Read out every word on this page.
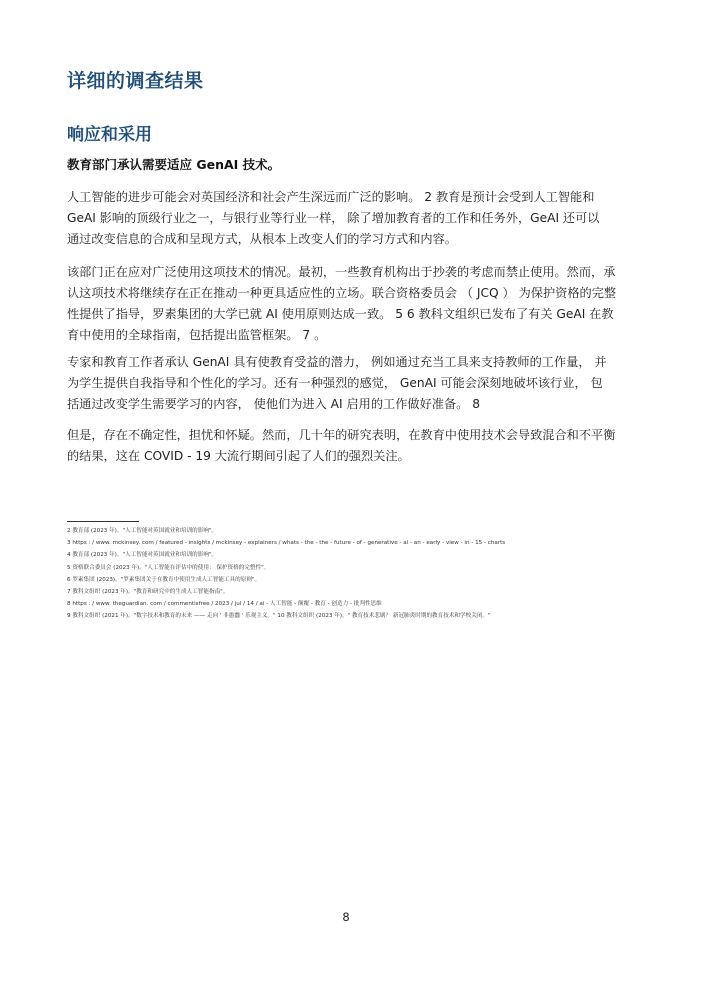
详细的调查结果
响应和采用
教育部门承认需要适应 GenAI 技术。
人工智能的进步可能会对英国经济和社会产生深远而广泛的影响。 2 教育是预计会受到人工智能和
GeAI 影响的顶级行业之一，与银行业等行业一样， 除了增加教育者的工作和任务外，GeAI 还可以
通过改变信息的合成和呈现方式，从根本上改变人们的学习方式和内容。
该部门正在应对广泛使用这项技术的情况。最初，一些教育机构出于抄袭的考虑而禁止使用。然而，承
认这项技术将继续存在正在推动一种更具适应性的立场。联合资格委员会 （ JCQ ） 为保护资格的完整
性提供了指导，罗素集团的大学已就 AI 使用原则达成一致。 5 6 教科文组织已发布了有关 GeAI 在教
育中使用的全球指南，包括提出监管框架。 7 。
专家和教育工作者承认 GenAI 具有使教育受益的潜力， 例如通过充当工具来支持教师的工作量， 并
为学生提供自我指导和个性化的学习。还有一种强烈的感觉， GenAI 可能会深刻地破坏该行业， 包
括通过改变学生需要学习的内容， 使他们为进入 AI 启用的工作做好准备。 8
但是，存在不确定性，担忧和怀疑。然而，几十年的研究表明，在教育中使用技术会导致混合和不平衡
的结果，这在 COVID - 19 大流行期间引起了人们的强烈关注。
2 教育部 (2023 年)。"人工智能对英国就业和培训的影响"。
3 https : / www. mckinsey. com / featured - insights / mckinsey - explainers / whats - the - the - future - of - generative - ai - an - early - view - in - 15 - charts
4 教育部 (2023 年)。"人工智能对英国就业和培训的影响"。
5 资格联合委员会 (2023 年)。"人工智能在评估中的使用： 保护资格的完整性"。
6 罗素集团 (2023)。"罗素集团关于在教育中使用生成人工智能工具的原则"。
7 教科文组织 (2023 年)。"教育和研究中的生成人工智能指南"。
8 https : / www. theguardian. com / commentisfree / 2023 / jul / 14 / ai - 人工智能 - 颠覆 - 教育 - 创造力 - 批判性思维
9 教科文组织 (2021 年)。"数字技术和教育的未来 —— 走向 ' 非愚蠢 ' 乐观主义。" 10 教科文组织 (2023 年)。" 教育技术悲剧？ 新冠肺炎时期的教育技术和学校关闭。"
8
